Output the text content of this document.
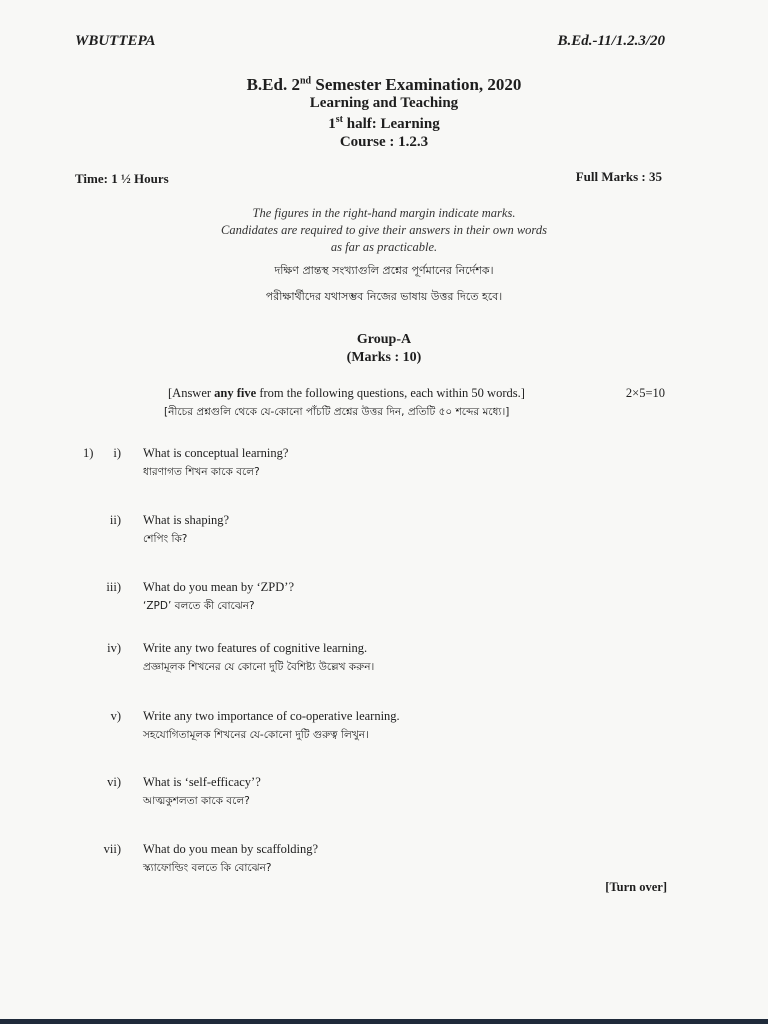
WBUTTEPA	B.Ed.-11/1.2.3/20
B.Ed. 2nd Semester Examination, 2020
Learning and Teaching
1st half: Learning
Course : 1.2.3
Time: 1 ½ Hours	Full Marks : 35
The figures in the right-hand margin indicate marks.
Candidates are required to give their answers in their own words
as far as practicable.
দক্ষিণ প্রান্তস্থ সংখ্যাগুলি প্রশ্নের পূর্ণমানের নির্দেশক।
পরীক্ষার্থীদের যথাসম্ভব নিজের ভাষায় উত্তর দিতে হবে।
Group-A
(Marks : 10)
[Answer any five from the following questions, each within 50 words.]	2×5=10
[নীচের প্রশ্নগুলি থেকে যে-কোনো পাঁচটি প্রশ্নের উত্তর দিন, প্রতিটি ৫০ শব্দের মধ্যে।]
1)	i) What is conceptual learning?
ধারণাগত শিখন কাকে বলে?
ii) What is shaping?
শেপিং কি?
iii) What do you mean by ‘ZPD’?
‘ZPD’ বলতে কী বোঝেন?
iv) Write any two features of cognitive learning.
প্রজ্ঞামূলক শিখনের যে কোনো দুটি বৈশিষ্ট্য উল্লেখ করুন।
v) Write any two importance of co-operative learning.
সহযোগিতামূলক শিখনের যে-কোনো দুটি গুরুত্ব লিখুন।
vi) What is ‘self-efficacy’?
আত্মকুশলতা কাকে বলে?
vii) What do you mean by scaffolding?
স্ক্যাফোল্ডিং বলতে কি বোঝেন?
[Turn over]
